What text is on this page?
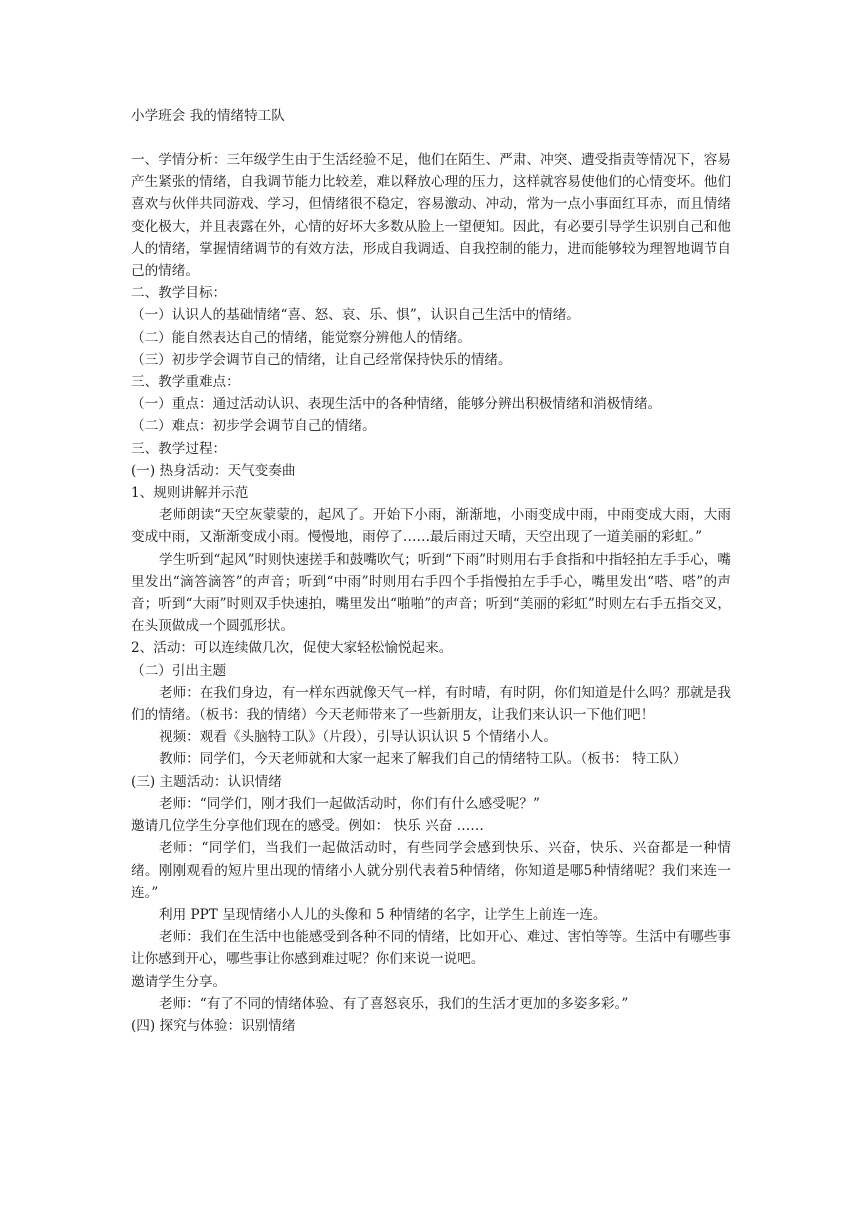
小学班会 我的情绪特工队

一、学情分析：三年级学生由于生活经验不足，他们在陌生、严肃、冲突、遭受指责等情况下，容易产生紧张的情绪，自我调节能力比较差，难以释放心理的压力，这样就容易使他们的心情变坏。他们喜欢与伙伴共同游戏、学习，但情绪很不稳定，容易激动、冲动，常为一点小事面红耳赤，而且情绪变化极大，并且表露在外，心情的好坏大多数从脸上一望便知。因此，有必要引导学生识别自己和他人的情绪，掌握情绪调节的有效方法，形成自我调适、自我控制的能力，进而能够较为理智地调节自己的情绪。

二、教学目标：

（一）认识人的基础情绪“喜、怒、哀、乐、惧”，认识自己生活中的情绪。

（二）能自然表达自己的情绪，能觉察分辨他人的情绪。

（三）初步学会调节自己的情绪，让自己经常保持快乐的情绪。

三、教学重难点：

（一）重点：通过活动认识、表现生活中的各种情绪，能够分辨出积极情绪和消极情绪。

（二）难点：初步学会调节自己的情绪。

三、教学过程：

(一) 热身活动：天气变奏曲

1、规则讲解并示范

老师朗读“天空灰蒙蒙的，起风了。开始下小雨，渐渐地，小雨变成中雨，中雨变成大雨，大雨变成中雨，又渐渐变成小雨。慢慢地，雨停了……最后雨过天晴，天空出现了一道美丽的彩虹。”

学生听到“起风”时则快速搓手和鼓嘴吹气；听到“下雨”时则用右手食指和中指轻拍左手手心，嘴里发出“滴答滴答”的声音；听到“中雨”时则用右手四个手指慢拍左手手心，嘴里发出“嗒、嗒”的声音；听到“大雨”时则双手快速拍，嘴里发出“啪啪”的声音；听到“美丽的彩虹”时则左右手五指交叉，在头顶做成一个圆弧形状。

2、活动：可以连续做几次，促使大家轻松愉悦起来。

（二）引出主题

老师：在我们身边，有一样东西就像天气一样，有时晴，有时阴，你们知道是什么吗？那就是我们的情绪。（板书：我的情绪）今天老师带来了一些新朋友，让我们来认识一下他们吧！

视频：观看《头脑特工队》（片段），引导认识认识 5 个情绪小人。

教师：同学们，今天老师就和大家一起来了解我们自己的情绪特工队。（板书： 特工队）

(三) 主题活动：认识情绪

老师：“同学们，刚才我们一起做活动时，你们有什么感受呢？”

邀请几位学生分享他们现在的感受。例如： 快乐 兴奋 ……

老师：“同学们，当我们一起做活动时，有些同学会感到快乐、兴奋，快乐、兴奋都是一种情绪。刚刚观看的短片里出现的情绪小人就分别代表着5种情绪，你知道是哪5种情绪呢？我们来连一连。”

利用 PPT 呈现情绪小人儿的头像和 5 种情绪的名字，让学生上前连一连。

老师：我们在生活中也能感受到各种不同的情绪，比如开心、难过、害怕等等。生活中有哪些事让你感到开心，哪些事让你感到难过呢？你们来说一说吧。

邀请学生分享。

老师：“有了不同的情绪体验、有了喜怒哀乐，我们的生活才更加的多姿多彩。”

(四) 探究与体验：识别情绪
